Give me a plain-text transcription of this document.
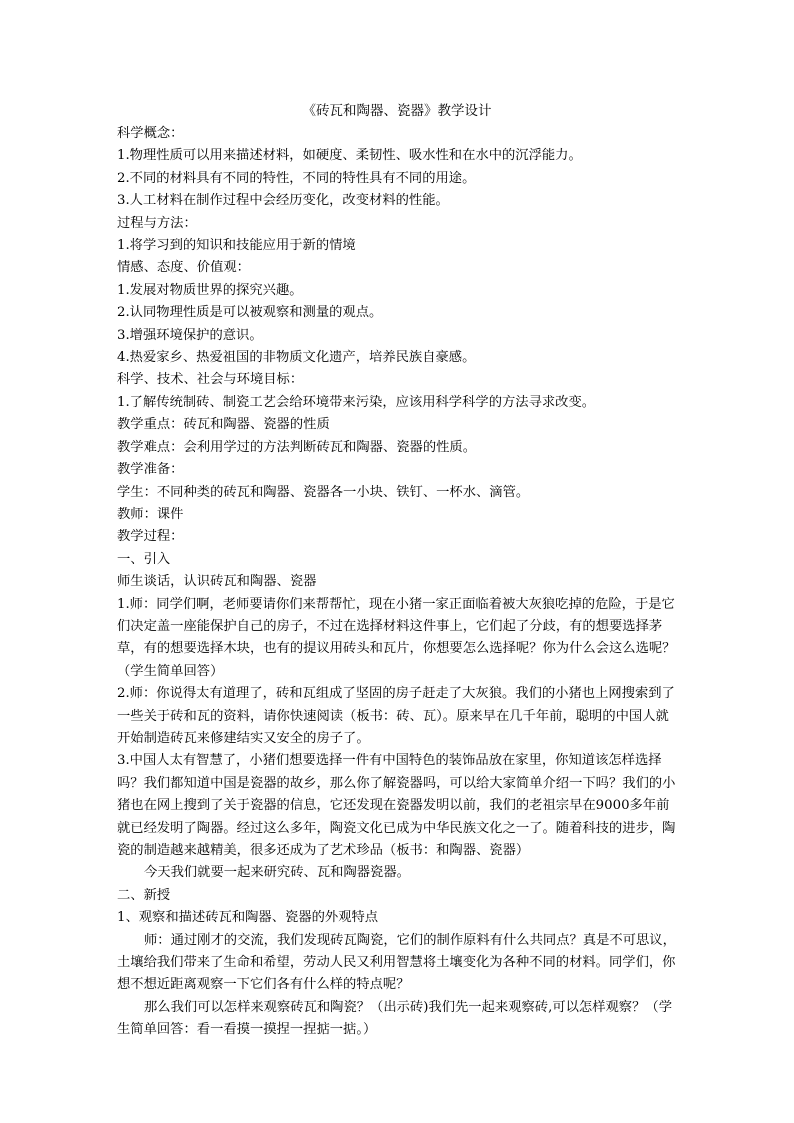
《砖瓦和陶器、瓷器》教学设计

科学概念：

1.物理性质可以用来描述材料，如硬度、柔韧性、吸水性和在水中的沉浮能力。

2.不同的材料具有不同的特性，不同的特性具有不同的用途。

3.人工材料在制作过程中会经历变化，改变材料的性能。

过程与方法：

1.将学习到的知识和技能应用于新的情境

情感、态度、价值观：

1.发展对物质世界的探究兴趣。

2.认同物理性质是可以被观察和测量的观点。

3.增强环境保护的意识。

4.热爱家乡、热爱祖国的非物质文化遗产，培养民族自豪感。

科学、技术、社会与环境目标：

1.了解传统制砖、制瓷工艺会给环境带来污染，应该用科学科学的方法寻求改变。

教学重点：砖瓦和陶器、瓷器的性质

教学难点：会利用学过的方法判断砖瓦和陶器、瓷器的性质。

教学准备：

学生：不同种类的砖瓦和陶器、瓷器各一小块、铁钉、一杯水、滴管。

教师：课件

教学过程：

一、引入

师生谈话，认识砖瓦和陶器、瓷器

1.师：同学们啊，老师要请你们来帮帮忙，现在小猪一家正面临着被大灰狼吃掉的危险，于是它们决定盖一座能保护自己的房子，不过在选择材料这件事上，它们起了分歧，有的想要选择茅草，有的想要选择木块，也有的提议用砖头和瓦片，你想要怎么选择呢？你为什么会这么选呢？

（学生简单回答）

2.师：你说得太有道理了，砖和瓦组成了坚固的房子赶走了大灰狼。我们的小猪也上网搜索到了一些关于砖和瓦的资料，请你快速阅读（板书：砖、瓦）。原来早在几千年前，聪明的中国人就开始制造砖瓦来修建结实又安全的房子了。

3.中国人太有智慧了，小猪们想要选择一件有中国特色的装饰品放在家里，你知道该怎样选择吗？我们都知道中国是瓷器的故乡，那么你了解瓷器吗，可以给大家简单介绍一下吗？我们的小猪也在网上搜到了关于瓷器的信息，它还发现在瓷器发明以前，我们的老祖宗早在9000多年前就已经发明了陶器。经过这么多年，陶瓷文化已成为中华民族文化之一了。随着科技的进步，陶瓷的制造越来越精美，很多还成为了艺术珍品（板书：和陶器、瓷器）

今天我们就要一起来研究砖、瓦和陶器瓷器。

二、新授

1、观察和描述砖瓦和陶器、瓷器的外观特点

师：通过刚才的交流，我们发现砖瓦陶瓷，它们的制作原料有什么共同点？真是不可思议，土壤给我们带来了生命和希望，劳动人民又利用智慧将土壤变化为各种不同的材料。同学们，你想不想近距离观察一下它们各有什么样的特点呢？

那么我们可以怎样来观察砖瓦和陶瓷？（出示砖)我们先一起来观察砖,可以怎样观察？（学生简单回答：看一看摸一摸捏一捏掂一掂。）
